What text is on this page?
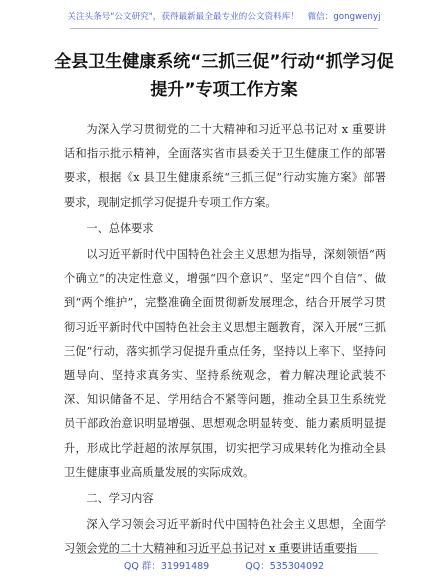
关注头条号"公文研究"，获得最新最全最专业的公文资料库！　微信：gongwenyj
全县卫生健康系统“三抓三促”行动“抓学习促提升”专项工作方案

为深入学习贯彻党的二十大精神和习近平总书记对 x 重要讲话和指示批示精神，全面落实省市县委关于卫生健康工作的部署要求，根据《x 县卫生健康系统“三抓三促”行动实施方案》部署要求，现制定抓学习促提升专项工作方案。

一、总体要求

以习近平新时代中国特色社会主义思想为指导，深刻领悟“两个确立”的决定性意义，增强“四个意识”、坚定“四个自信”、做到“两个维护”，完整准确全面贯彻新发展理念，结合开展学习贯彻习近平新时代中国特色社会主义思想主题教育，深入开展“三抓三促”行动，落实抓学习促提升重点任务，坚持以上率下、坚持问题导向、坚持求真务实、坚持系统观念，着力解决理论武装不深、知识储备不足、学用结合不紧等问题，推动全县卫生系统党员干部政治意识明显增强、思想观念明显转变、能力素质明显提升，形成比学赶超的浓厚氛围，切实把学习成果转化为推动全县卫生健康事业高质量发展的实际成效。

二、学习内容

深入学习领会习近平新时代中国特色社会主义思想，全面学习领会党的二十大精神和习近平总书记对 x 重要讲话重要指

QQ 群：31991489	QQ：535304092
